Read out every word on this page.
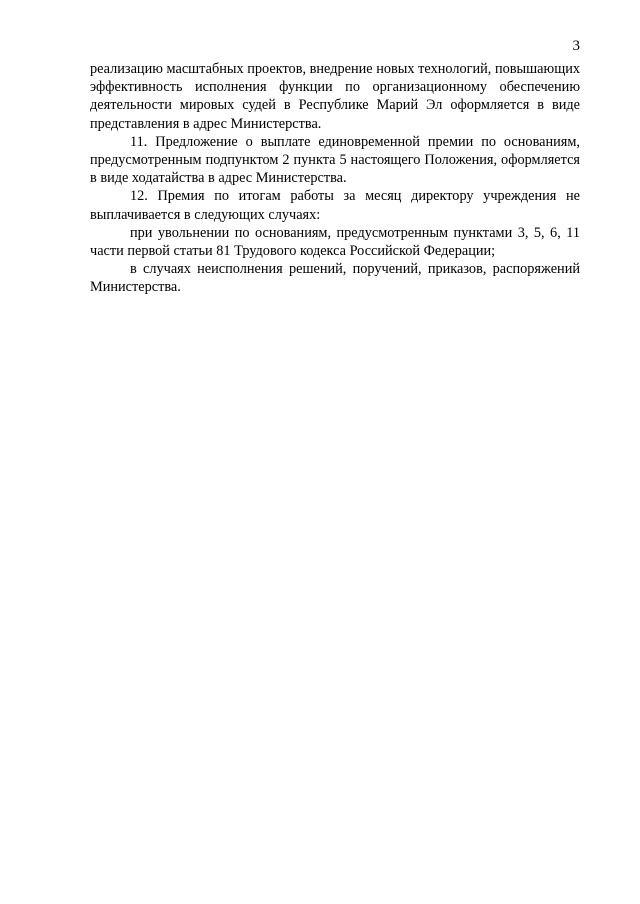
3

реализацию масштабных проектов, внедрение новых технологий, повышающих эффективность исполнения функции по организационному обеспечению деятельности мировых судей в Республике Марий Эл оформляется в виде представления в адрес Министерства.

11. Предложение о выплате единовременной премии по основаниям, предусмотренным подпунктом 2 пункта 5 настоящего Положения, оформляется в виде ходатайства в адрес Министерства.

12. Премия по итогам работы за месяц директору учреждения не выплачивается в следующих случаях:

при увольнении по основаниям, предусмотренным пунктами 3, 5, 6, 11 части первой статьи 81 Трудового кодекса Российской Федерации;

в случаях неисполнения решений, поручений, приказов, распоряжений Министерства.
